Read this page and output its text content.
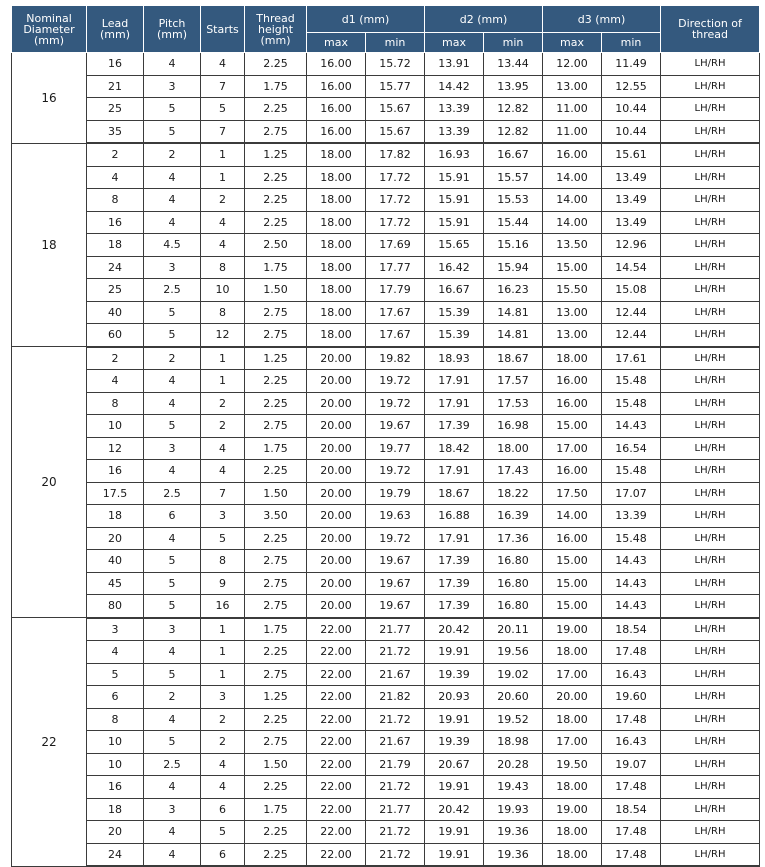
Nominal Diameter (mm)	Lead (mm)	Pitch (mm)	Starts	Thread height (mm)	d1 (mm)		d2 (mm)		d3 (mm)		Direction of thread
					max	min	max	min	max	min	
16	16	4	4	2.25	16.00	15.72	13.91	13.44	12.00	11.49	LH/RH
	21	3	7	1.75	16.00	15.77	14.42	13.95	13.00	12.55	LH/RH
	25	5	5	2.25	16.00	15.67	13.39	12.82	11.00	10.44	LH/RH
	35	5	7	2.75	16.00	15.67	13.39	12.82	11.00	10.44	LH/RH
18	2	2	1	1.25	18.00	17.82	16.93	16.67	16.00	15.61	LH/RH
	4	4	1	2.25	18.00	17.72	15.91	15.57	14.00	13.49	LH/RH
	8	4	2	2.25	18.00	17.72	15.91	15.53	14.00	13.49	LH/RH
	16	4	4	2.25	18.00	17.72	15.91	15.44	14.00	13.49	LH/RH
	18	4.5	4	2.50	18.00	17.69	15.65	15.16	13.50	12.96	LH/RH
	24	3	8	1.75	18.00	17.77	16.42	15.94	15.00	14.54	LH/RH
	25	2.5	10	1.50	18.00	17.79	16.67	16.23	15.50	15.08	LH/RH
	40	5	8	2.75	18.00	17.67	15.39	14.81	13.00	12.44	LH/RH
	60	5	12	2.75	18.00	17.67	15.39	14.81	13.00	12.44	LH/RH
20	2	2	1	1.25	20.00	19.82	18.93	18.67	18.00	17.61	LH/RH
	4	4	1	2.25	20.00	19.72	17.91	17.57	16.00	15.48	LH/RH
	8	4	2	2.25	20.00	19.72	17.91	17.53	16.00	15.48	LH/RH
	10	5	2	2.75	20.00	19.67	17.39	16.98	15.00	14.43	LH/RH
	12	3	4	1.75	20.00	19.77	18.42	18.00	17.00	16.54	LH/RH
	16	4	4	2.25	20.00	19.72	17.91	17.43	16.00	15.48	LH/RH
	17.5	2.5	7	1.50	20.00	19.79	18.67	18.22	17.50	17.07	LH/RH
	18	6	3	3.50	20.00	19.63	16.88	16.39	14.00	13.39	LH/RH
	20	4	5	2.25	20.00	19.72	17.91	17.36	16.00	15.48	LH/RH
	40	5	8	2.75	20.00	19.67	17.39	16.80	15.00	14.43	LH/RH
	45	5	9	2.75	20.00	19.67	17.39	16.80	15.00	14.43	LH/RH
	80	5	16	2.75	20.00	19.67	17.39	16.80	15.00	14.43	LH/RH
22	3	3	1	1.75	22.00	21.77	20.42	20.11	19.00	18.54	LH/RH
	4	4	1	2.25	22.00	21.72	19.91	19.56	18.00	17.48	LH/RH
	5	5	1	2.75	22.00	21.67	19.39	19.02	17.00	16.43	LH/RH
	6	2	3	1.25	22.00	21.82	20.93	20.60	20.00	19.60	LH/RH
	8	4	2	2.25	22.00	21.72	19.91	19.52	18.00	17.48	LH/RH
	10	5	2	2.75	22.00	21.67	19.39	18.98	17.00	16.43	LH/RH
	10	2.5	4	1.50	22.00	21.79	20.67	20.28	19.50	19.07	LH/RH
	16	4	4	2.25	22.00	21.72	19.91	19.43	18.00	17.48	LH/RH
	18	3	6	1.75	22.00	21.77	20.42	19.93	19.00	18.54	LH/RH
	20	4	5	2.25	22.00	21.72	19.91	19.36	18.00	17.48	LH/RH
	24	4	6	2.25	22.00	21.72	19.91	19.36	18.00	17.48	LH/RH
